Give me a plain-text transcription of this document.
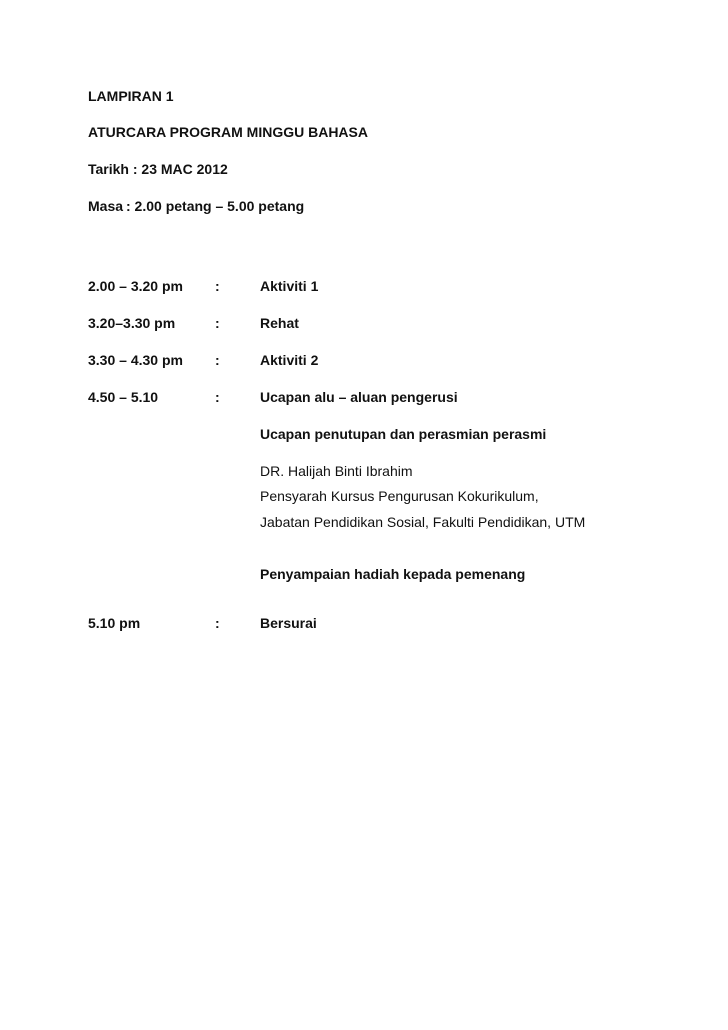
LAMPIRAN 1
ATURCARA PROGRAM MINGGU BAHASA
Tarikh : 23 MAC 2012
Masa : 2.00 petang – 5.00 petang
2.00 – 3.20 pm :	Aktiviti 1
3.20–3.30 pm	:	Rehat
3.30 – 4.30 pm :	Aktiviti 2
4.50 – 5.10	:	Ucapan alu – aluan pengerusi
Ucapan penutupan dan perasmian perasmi
DR. Halijah Binti Ibrahim
Pensyarah Kursus Pengurusan Kokurikulum,
Jabatan Pendidikan Sosial, Fakulti Pendidikan, UTM
Penyampaian hadiah kepada pemenang
5.10 pm	:	Bersurai
